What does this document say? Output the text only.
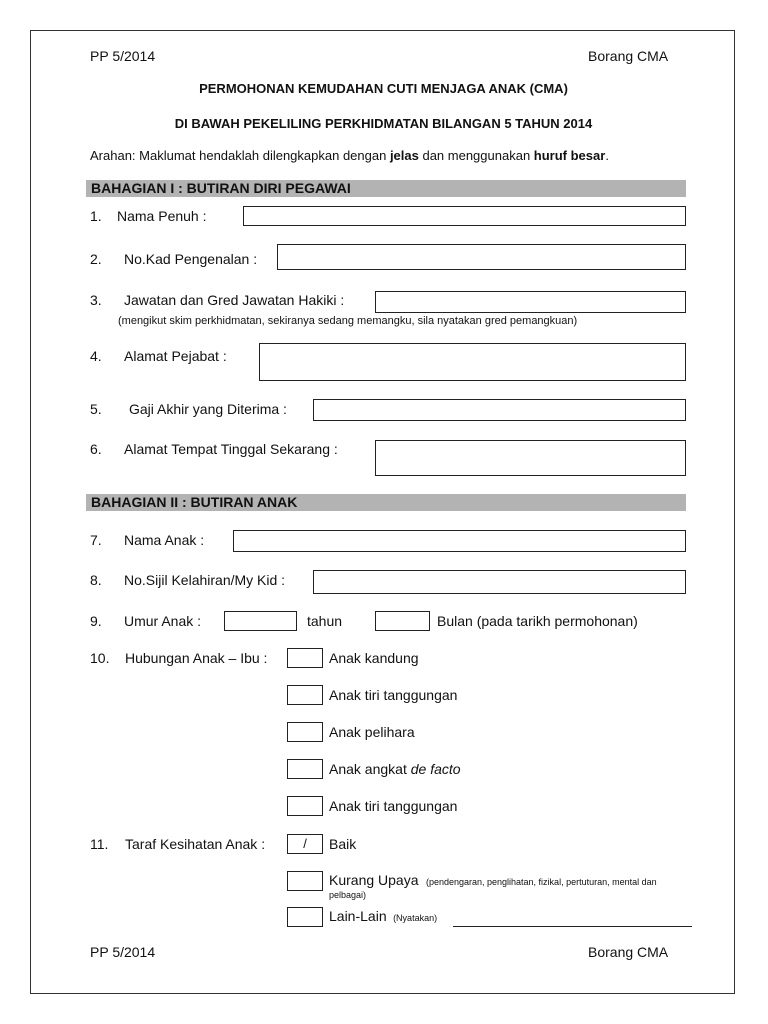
PP 5/2014	Borang CMA
PERMOHONAN KEMUDAHAN CUTI MENJAGA ANAK (CMA)
DI BAWAH PEKELILING PERKHIDMATAN BILANGAN 5 TAHUN 2014
Arahan: Maklumat hendaklah dilengkapkan dengan jelas dan menggunakan huruf besar.
BAHAGIAN I : BUTIRAN DIRI PEGAWAI
1. Nama Penuh :
2. No.Kad Pengenalan :
3. Jawatan dan Gred Jawatan Hakiki :
(mengikut skim perkhidmatan, sekiranya sedang memangku, sila nyatakan gred pemangkuan)
4. Alamat Pejabat :
5. Gaji Akhir yang Diterima :
6. Alamat Tempat Tinggal Sekarang :
BAHAGIAN II : BUTIRAN ANAK
7. Nama Anak :
8. No.Sijil Kelahiran/My Kid :
9. Umur Anak :	tahun	Bulan (pada tarikh permohonan)
10. Hubungan Anak – Ibu :	Anak kandung
Anak tiri tanggungan
Anak pelihara
Anak angkat de facto
Anak tiri tanggungan
11. Taraf Kesihatan Anak :	/	Baik
Kurang Upaya (pendengaran, penglihatan, fizikal, pertuturan, mental dan
pelbagai)
Lain-Lain (Nyatakan)
PP 5/2014	Borang CMA
